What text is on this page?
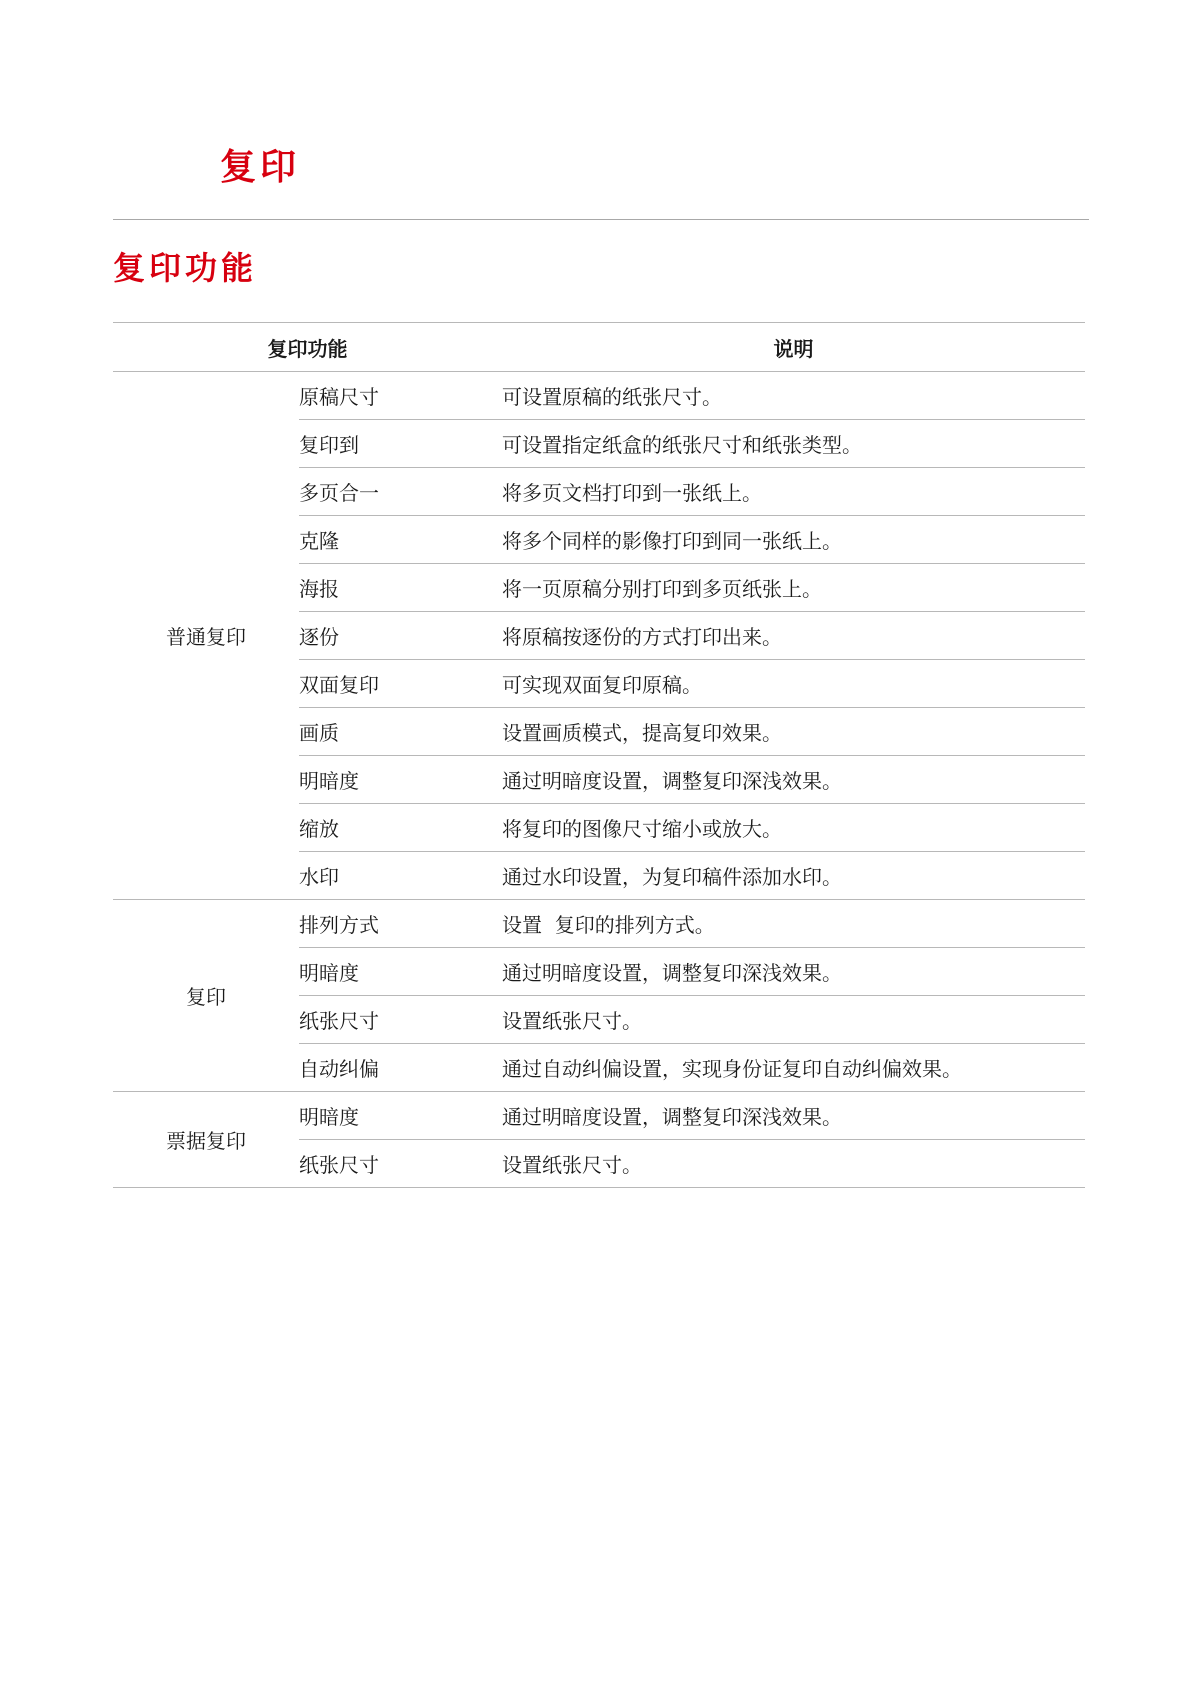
复印
复印功能
复印功能		说明
普通复印	原稿尺寸	可设置原稿的纸张尺寸。
	复印到	可设置指定纸盒的纸张尺寸和纸张类型。
	多页合一	将多页文档打印到一张纸上。
	克隆	将多个同样的影像打印到同一张纸上。
	海报	将一页原稿分别打印到多页纸张上。
	逐份	将原稿按逐份的方式打印出来。
	双面复印	可实现双面复印原稿。
	画质	设置画质模式，提高复印效果。
	明暗度	通过明暗度设置，调整复印深浅效果。
	缩放	将复印的图像尺寸缩小或放大。
	水印	通过水印设置，为复印稿件添加水印。
复印	排列方式	设置  复印的排列方式。
	明暗度	通过明暗度设置，调整复印深浅效果。
	纸张尺寸	设置纸张尺寸。
	自动纠偏	通过自动纠偏设置，实现身份证复印自动纠偏效果。
票据复印	明暗度	通过明暗度设置，调整复印深浅效果。
	纸张尺寸	设置纸张尺寸。
